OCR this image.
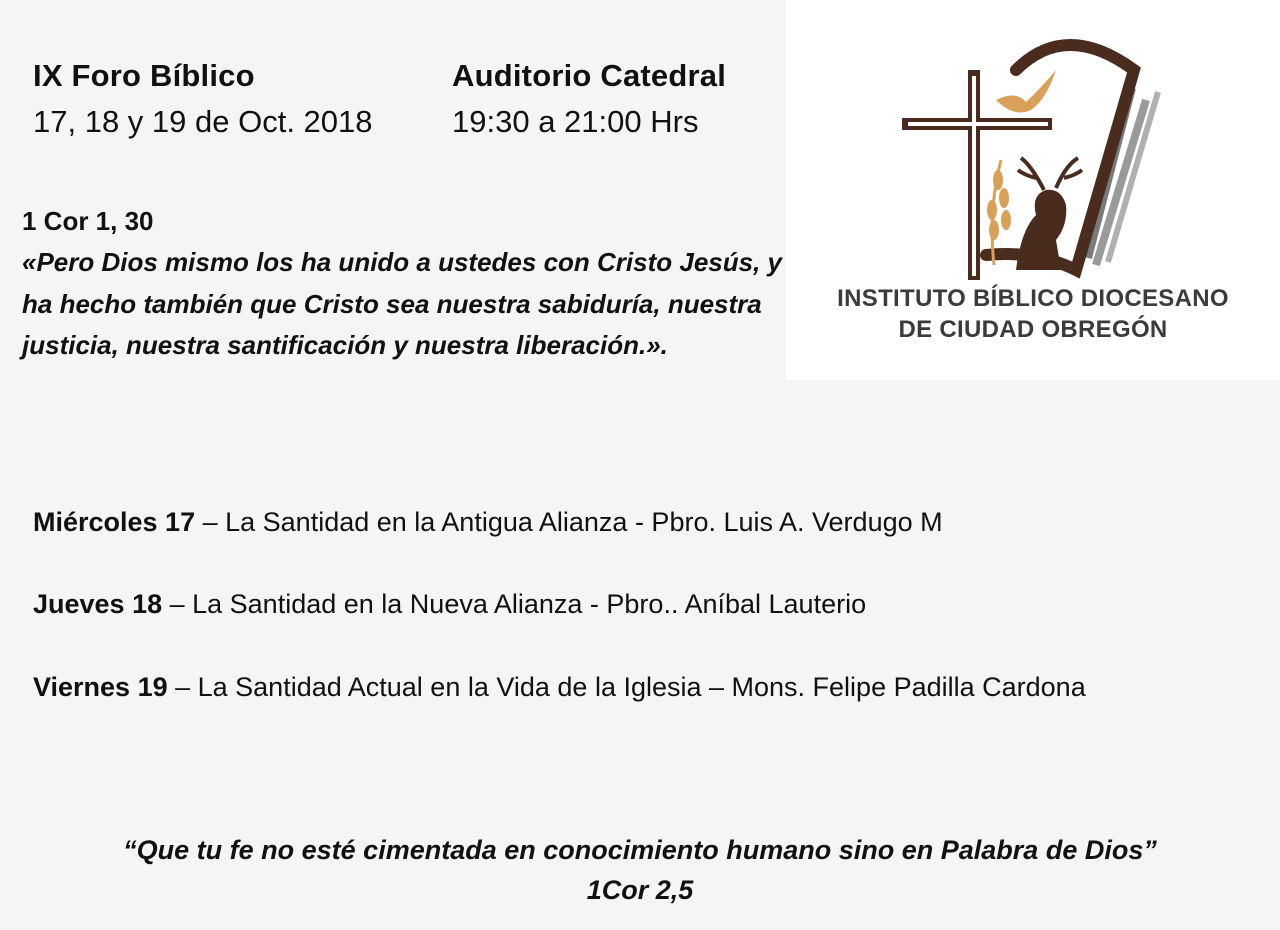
IX Foro Bíblico
17, 18 y 19 de Oct. 2018
Auditorio Catedral
19:30 a 21:00 Hrs
1 Cor 1, 30
«Pero Dios mismo los ha unido a ustedes con Cristo Jesús, y ha hecho también que Cristo sea nuestra sabiduría, nuestra justicia, nuestra santificación y nuestra liberación.».
INSTITUTO BÍBLICO DIOCESANO
DE CIUDAD OBREGÓN
Miércoles 17 – La Santidad en la Antigua Alianza - Pbro. Luis A. Verdugo M
Jueves 18 – La Santidad en la Nueva Alianza - Pbro.. Aníbal Lauterio
Viernes 19 – La Santidad Actual en la Vida de la Iglesia – Mons. Felipe Padilla Cardona
“Que tu fe no esté cimentada en conocimiento humano sino en Palabra de Dios”
1Cor 2,5
